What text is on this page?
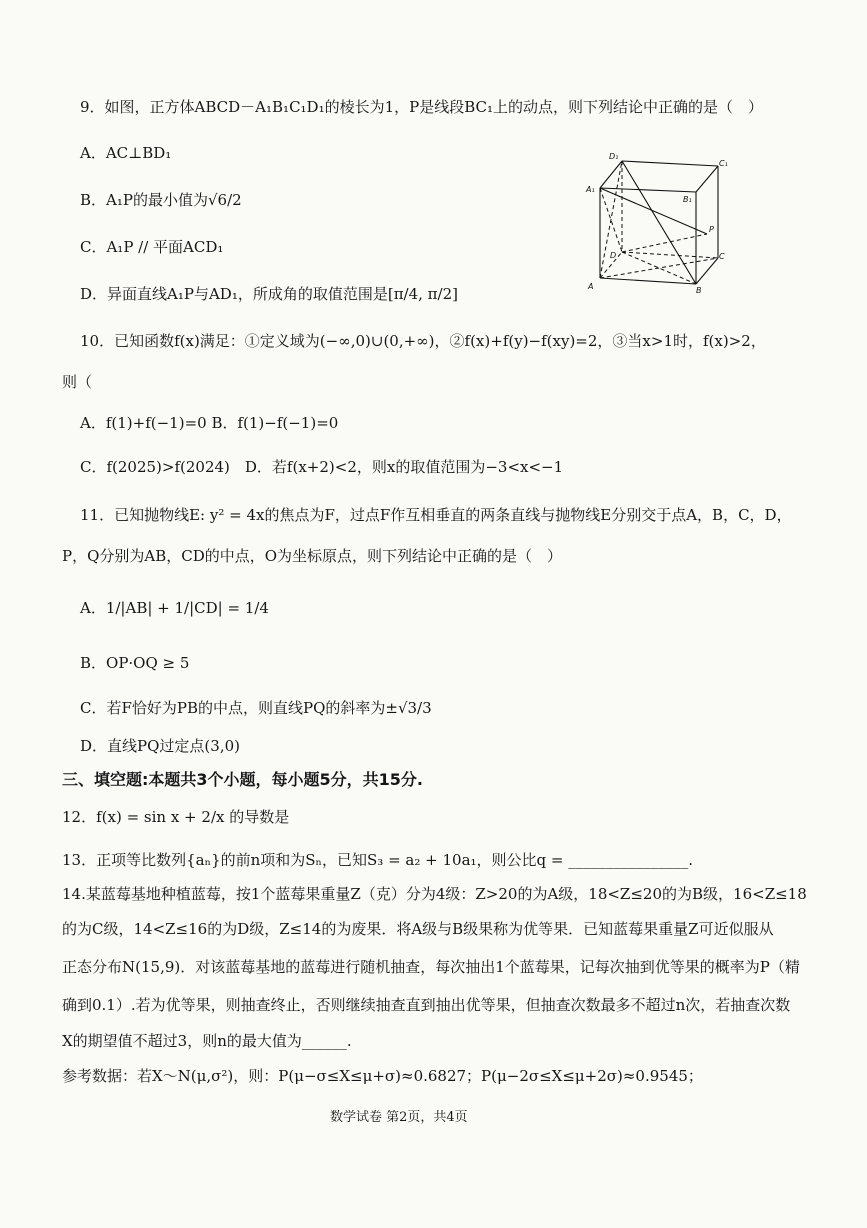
9．如图，正方体ABCD－A₁B₁C₁D₁的棱长为1，P是线段BC₁上的动点，则下列结论中正确的是（　）
A．AC⊥BD₁
B．A₁P的最小值为√6/2
C．A₁P // 平面ACD₁
D．异面直线A₁P与AD₁，所成角的取值范围是[π/4, π/2]
D₁
C₁
A₁
B₁
P
D	C
A	B
10．已知函数f(x)满足：①定义域为(−∞,0)∪(0,+∞)，②f(x)+f(y)−f(xy)=2，③当x>1时，f(x)>2，
则（
A．f(1)+f(−1)=0 B．f(1)−f(−1)=0
C．f(2025)>f(2024)　D．若f(x+2)<2，则x的取值范围为−3<x<−1
11．已知抛物线E: y² = 4x的焦点为F，过点F作互相垂直的两条直线与抛物线E分别交于点A，B，C，D，
P，Q分别为AB，CD的中点，O为坐标原点，则下列结论中正确的是（　）
A．1/|AB| + 1/|CD| = 1/4
B．OP·OQ ≥ 5
C．若F恰好为PB的中点，则直线PQ的斜率为±√3/3
D．直线PQ过定点(3,0)
三、填空题:本题共3个小题，每小题5分，共15分.
12．f(x) = sin x + 2/x 的导数是
13．正项等比数列{aₙ}的前n项和为Sₙ，已知S₃ = a₂ + 10a₁，则公比q = ________________.
14.某蓝莓基地种植蓝莓，按1个蓝莓果重量Z（克）分为4级：Z>20的为A级，18<Z≤20的为B级，16<Z≤18
的为C级，14<Z≤16的为D级，Z≤14的为废果．将A级与B级果称为优等果．已知蓝莓果重量Z可近似服从
正态分布N(15,9)．对该蓝莓基地的蓝莓进行随机抽查，每次抽出1个蓝莓果，记每次抽到优等果的概率为P（精
确到0.1）.若为优等果，则抽查终止，否则继续抽查直到抽出优等果，但抽查次数最多不超过n次，若抽查次数
X的期望值不超过3，则n的最大值为______.
参考数据：若X～N(μ,σ²)，则：P(μ−σ≤X≤μ+σ)≈0.6827；P(μ−2σ≤X≤μ+2σ)≈0.9545；
数学试卷 第2页，共4页
